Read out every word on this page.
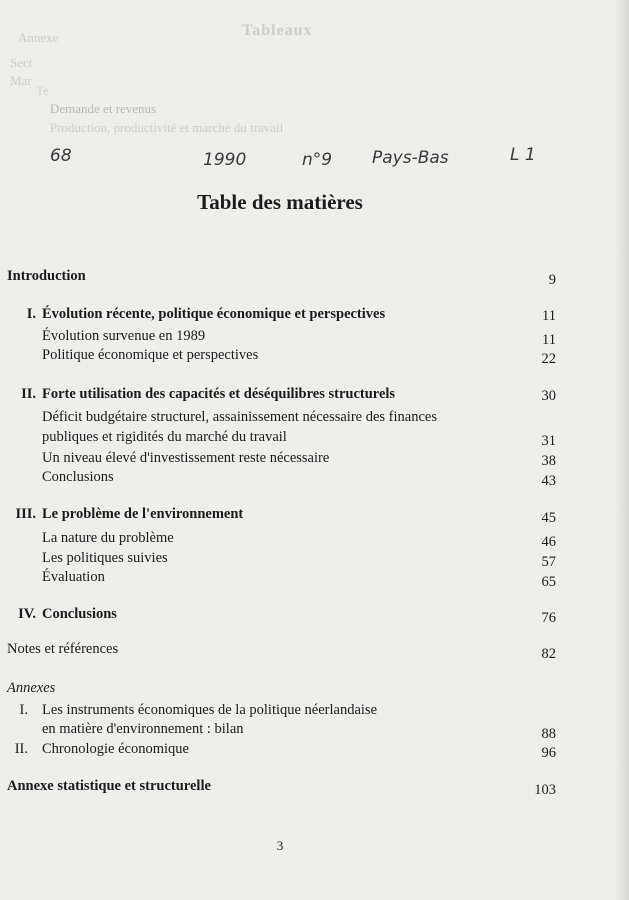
Tableaux
Annexe
Sect
Mar
Te
Demande et revenus
Production, productivité et marché du travail
68	1990	n°9 Pays-Bas	L 1
Table des matières
Introduction	9
I. Évolution récente, politique économique et perspectives	11
Évolution survenue en 1989	11
Politique économique et perspectives	22
II. Forte utilisation des capacités et déséquilibres structurels	30
Déficit budgétaire structurel, assainissement nécessaire des finances
publiques et rigidités du marché du travail	31
Un niveau élevé d'investissement reste nécessaire	38
Conclusions	43
III. Le problème de l'environnement	45
La nature du problème	46
Les politiques suivies	57
Évaluation	65
IV. Conclusions	76
Notes et références	82
Annexes
I. Les instruments économiques de la politique néerlandaise
en matière d'environnement : bilan	88
II. Chronologie économique	96
Annexe statistique et structurelle	103
3
